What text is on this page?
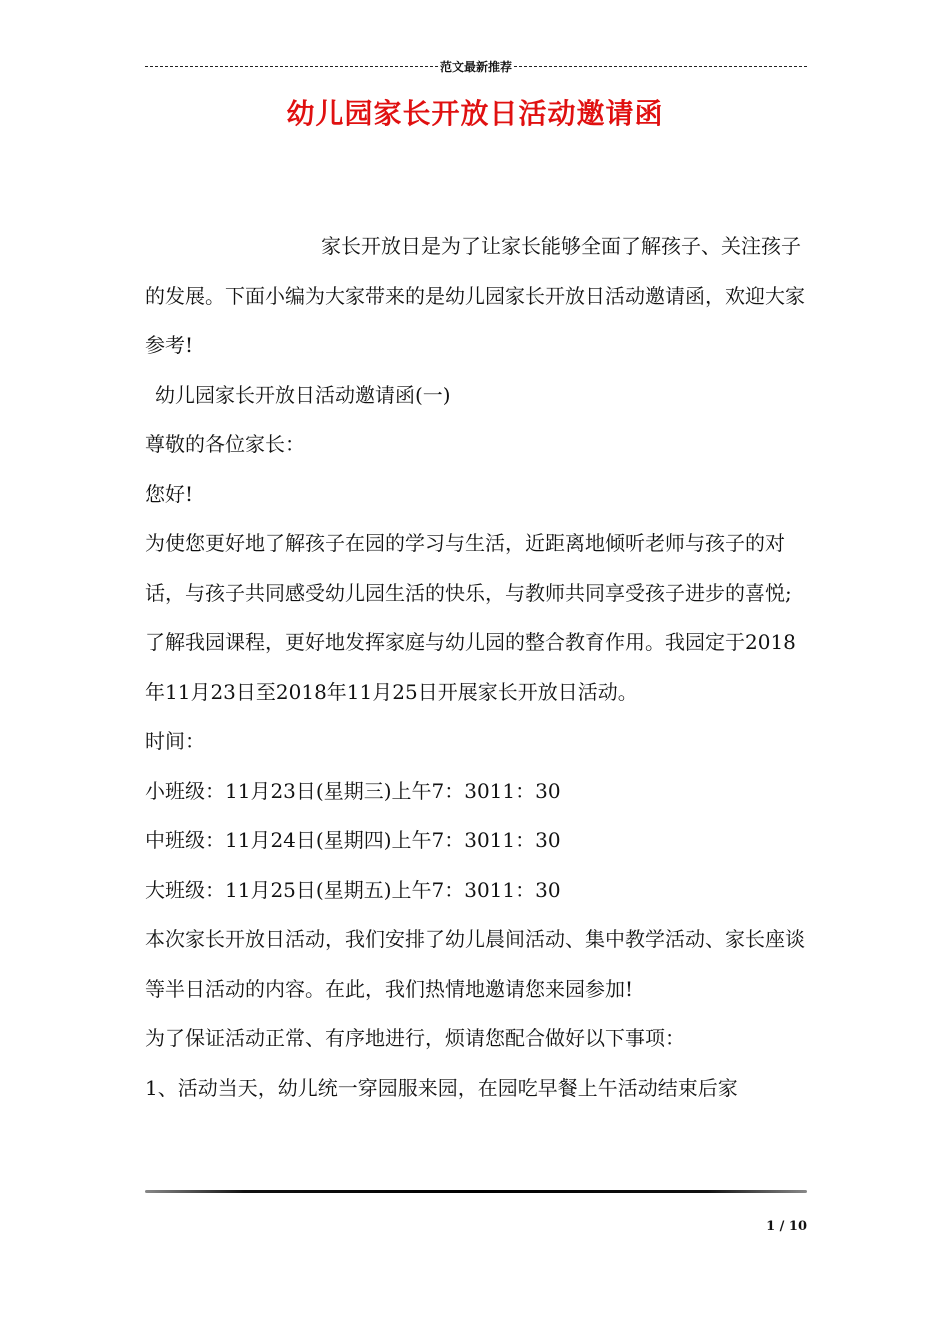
范文最新推荐
幼儿园家长开放日活动邀请函

家长开放日是为了让家长能够全面了解孩子、关注孩子的发展。下面小编为大家带来的是幼儿园家长开放日活动邀请函，欢迎大家参考!

幼儿园家长开放日活动邀请函(一)

尊敬的各位家长：

您好!

为使您更好地了解孩子在园的学习与生活，近距离地倾听老师与孩子的对话，与孩子共同感受幼儿园生活的快乐，与教师共同享受孩子进步的喜悦;了解我园课程，更好地发挥家庭与幼儿园的整合教育作用。我园定于2018年11月23日至2018年11月25日开展家长开放日活动。

时间：

小班级：11月23日(星期三)上午7：3011：30

中班级：11月24日(星期四)上午7：3011：30

大班级：11月25日(星期五)上午7：3011：30

本次家长开放日活动，我们安排了幼儿晨间活动、集中教学活动、家长座谈等半日活动的内容。在此，我们热情地邀请您来园参加!

为了保证活动正常、有序地进行，烦请您配合做好以下事项：

1、活动当天，幼儿统一穿园服来园，在园吃早餐上午活动结束后家

1 / 10
